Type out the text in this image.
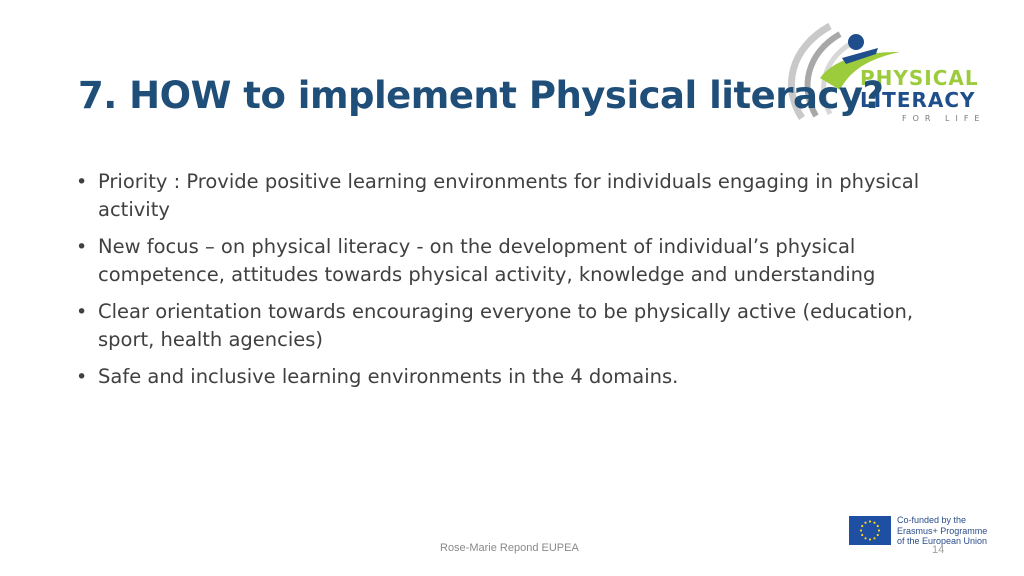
PHYSICAL
LITERACY
FOR LIFE
7. HOW to implement Physical literacy?
• Priority : Provide positive learning environments for individuals engaging in physical activity
• New focus – on physical literacy - on the development of individual’s physical competence, attitudes towards physical activity, knowledge and understanding
• Clear orientation towards encouraging everyone to be physically active (education, sport, health agencies)
• Safe and inclusive learning environments in the 4 domains.
Rose-Marie Repond EUPEA
Co-funded by the
Erasmus+ Programme
of the European Union
14
